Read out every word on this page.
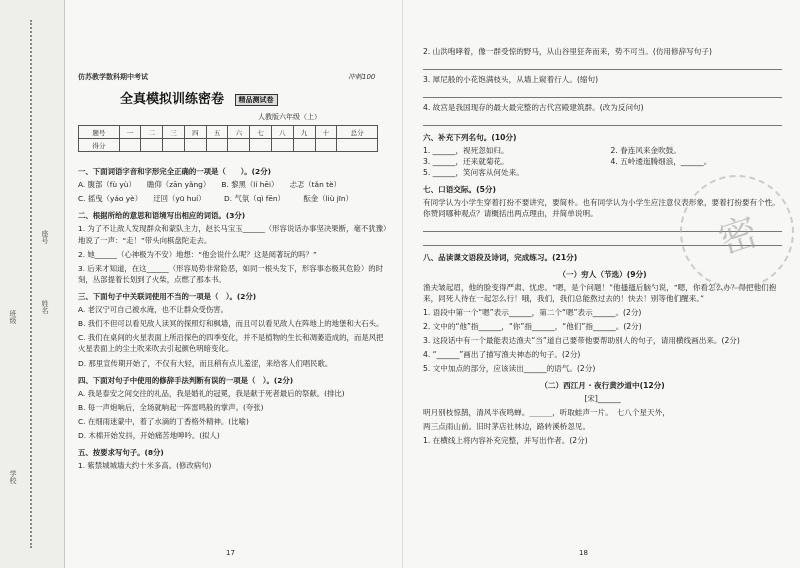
学校
班级
姓名
座号
仿苏教学数科期中考试	冲刺100
全真模拟训练密卷 精品测试卷
人教版六年级（上）
题号	一	二	三	四	五	六	七	八	九	十	总分
得分											
一、下面词语字音和字形完全正确的一项是（　　）。(2分)
A. 腹部（fù yù）　　瞻仰（zān yǎng）　　B. 黎黑（lí hēi）　　忐忑（tǎn tè）
C. 摇曳（yáo yè）　　迂回（yū huí）　　　D. 气氛（qì fēn）　　　酝金（liù jīn）
二、根据所给的意思和语境写出相应的词语。(3分)
1. 为了不让敌人发现群众和蒙队主力，赵长马宝玉______（形容说话办事坚决果断，毫不犹豫）地说了一声：“走！”带头向棋盘陀走去。
2. 她______（心神极为不安）地想：“他会说什么呢？这是阅著玩的吗？”
3. 后来才知道，在这______（形容局势非常险恶，如同一根头发下，形容事态极其危险）的时刻，丛部提着长划到了火柴，点燃了那本书。
三、下面句子中关联词使用不当的一项是（　）。(2分)
A. 老汉宁可自己被水淹，也不让群众受伤害。
B. 我们不但可以看见敌人读冥的探照灯和枫墙，而且可以看见敌人在阵地上的地堡和大石头。
C. 我们在桌间的火星表面上所沿探色的四季变化，并不是植物的生长和凋萎造成的，而是风把火星表面上的尘土吹来吹去引起颜色明暗变化。
D. 那里宣传期开始了，不仅有大轻，而且稍有点儿羞涩，来给客人们唱民歌。
四、下面对句子中使用的修辞手法判断有误的一项是（　）。(2分)
A. 我是泰安之间交往的礼品，我是婚礼的冠冕，我是献于死者最后的祭献。(排比)
B. 每一声炮响后，全场就响起一阵雷鸣般的掌声。(夸张)
C. 在细雨迷蒙中，着了水滴的丁香格外精神。(比喻)
D. 木棉开始发抖，开始痛苦地呻吟。(拟人)
五、按要求写句子。(8分)
1. 紫禁城城墙大约十米多高。(修改病句)
17
2. 山洪咆哮着，像一群受惊的野马，从山谷里狂奔而来，势不可当。(仿用修辞写句子)
3. 犀尼般的小花饱满枝头，从墙上窥着行人。(缩句)
4. 故宫是我国现存的最大最完整的古代宫殿建筑群。(改为反问句)
六、补充下列名句。(10分)
1. ______，视死忽如归。	2. 眷连风来金吹鼓。
3. ______，还来就菊花。	4. 五岭逶迤腾细浪，______。
5. ______，笑问客从何处来。
七、口语交际。(5分)
有同学认为小学生穿着打扮不要讲究，要简朴。也有同学认为小学生应注意仪表形象，要着打扮要有个性。你赞同哪种观点？请概括出两点理由，并简单说明。
八、品读课文语段及诗词，完成练习。(21分)
（一）穷人（节选）(9分)
渔夫皱起眉，他的脸变得严肃、忧虑。“嗯，是个问题！”他搔搔后脑勺说，“嗯，你看怎么办？得把他们抱来，同死人待在一起怎么行！哦，我们，我们总能熬过去的！快去！别等他们醒来。”
1. 语段中第一个“嗯”表示______，第二个“嗯”表示______。(2分)
2. 文中的“他”指______，“你”指______，“他们”指______。(2分)
3. 这段话中有一个最能表达渔夫“当”道自己要带他要帮助别人的句子，请用横线画出来。(2分)
4. “______”画出了描写渔夫神态的句子。(2分)
5. 文中加点的部分，应该读出______的语气。(2分)
（二）西江月 · 夜行黄沙道中(12分)
[宋]______
明月别枝惊鹊，清风半夜鸣蝉。______，听取蛙声一片。　七八个星天外，
两三点雨山前。旧时茅店社林边，路转溪桥忽见。
1. 在横线上将内容补充完整，并写出作者。(2分)
18
密
